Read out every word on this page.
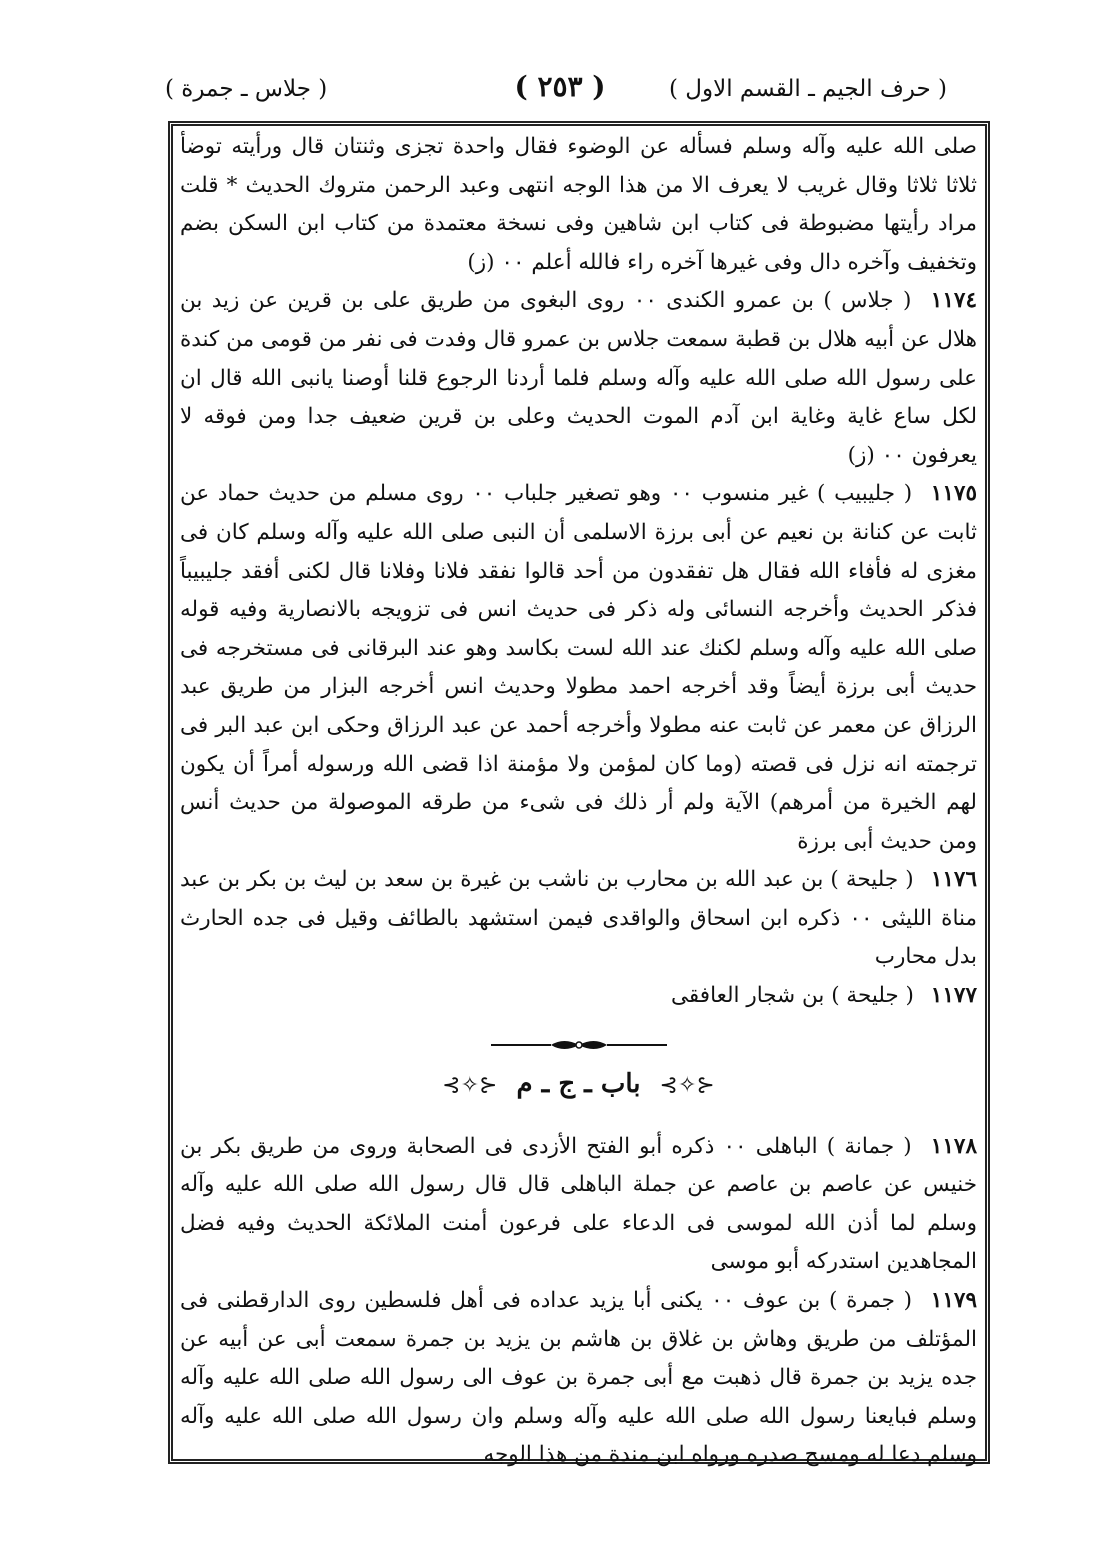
( حرف الجيم ـ القسم الاول )
( ٢٥٣ )
( جلاس ـ جمرة )

صلى الله عليه وآله وسلم فسأله عن الوضوء فقال واحدة تجزى وثنتان قال ورأيته توضأ ثلاثا ثلاثا وقال غريب لا يعرف الا من هذا الوجه انتهى وعبد الرحمن متروك الحديث * قلت مراد رأيتها مضبوطة فى كتاب ابن شاهين وفى نسخة معتمدة من كتاب ابن السكن بضم وتخفيف وآخره دال وفى غيرها آخره راء فالله أعلم ٠٠ (ز)

١١٧٤ ( جلاس ) بن عمرو الكندى ٠٠ روى البغوى من طريق على بن قرين عن زيد بن هلال عن أبيه هلال بن قطبة سمعت جلاس بن عمرو قال وفدت فى نفر من قومى من كندة على رسول الله صلى الله عليه وآله وسلم فلما أردنا الرجوع قلنا أوصنا يانبى الله قال ان لكل ساع غاية وغاية ابن آدم الموت الحديث وعلى بن قرين ضعيف جدا ومن فوقه لا يعرفون ٠٠ (ز)

١١٧٥ ( جليبيب ) غير منسوب ٠٠ وهو تصغير جلباب ٠٠ روى مسلم من حديث حماد عن ثابت عن كنانة بن نعيم عن أبى برزة الاسلمى أن النبى صلى الله عليه وآله وسلم كان فى مغزى له فأفاء الله فقال هل تفقدون من أحد قالوا نفقد فلانا وفلانا قال لكنى أفقد جليبيباً فذكر الحديث وأخرجه النسائى وله ذكر فى حديث انس فى تزويجه بالانصارية وفيه قوله صلى الله عليه وآله وسلم لكنك عند الله لست بكاسد وهو عند البرقانى فى مستخرجه فى حديث أبى برزة أيضاً وقد أخرجه احمد مطولا وحديث انس أخرجه البزار من طريق عبد الرزاق عن معمر عن ثابت عنه مطولا وأخرجه أحمد عن عبد الرزاق وحكى ابن عبد البر فى ترجمته انه نزل فى قصته (وما كان لمؤمن ولا مؤمنة اذا قضى الله ورسوله أمراً أن يكون لهم الخيرة من أمرهم) الآية ولم أر ذلك فى شىء من طرقه الموصولة من حديث أنس ومن حديث أبى برزة

١١٧٦ ( جليحة ) بن عبد الله بن محارب بن ناشب بن غيرة بن سعد بن ليث بن بكر بن عبد مناة الليثى ٠٠ ذكره ابن اسحاق والواقدى فيمن استشهد بالطائف وقيل فى جده الحارث بدل محارب

١١٧٧ ( جليحة ) بن شجار العافقى

⊰✧⊱ باب ـ ج ـ م ⊰✧⊱

١١٧٨ ( جمانة ) الباهلى ٠٠ ذكره أبو الفتح الأزدى فى الصحابة وروى من طريق بكر بن خنيس عن عاصم بن عاصم عن جملة الباهلى قال قال رسول الله صلى الله عليه وآله وسلم لما أذن الله لموسى فى الدعاء على فرعون أمنت الملائكة الحديث وفيه فضل المجاهدين استدركه أبو موسى

١١٧٩ ( جمرة ) بن عوف ٠٠ يكنى أبا يزيد عداده فى أهل فلسطين روى الدارقطنى فى المؤتلف من طريق وهاش بن غلاق بن هاشم بن يزيد بن جمرة سمعت أبى عن أبيه عن جده يزيد بن جمرة قال ذهبت مع أبى جمرة بن عوف الى رسول الله صلى الله عليه وآله وسلم فبايعنا رسول الله صلى الله عليه وآله وسلم وان رسول الله صلى الله عليه وآله وسلم دعا له ومسح صدره ورواه ابن مندة من هذا الوجه
